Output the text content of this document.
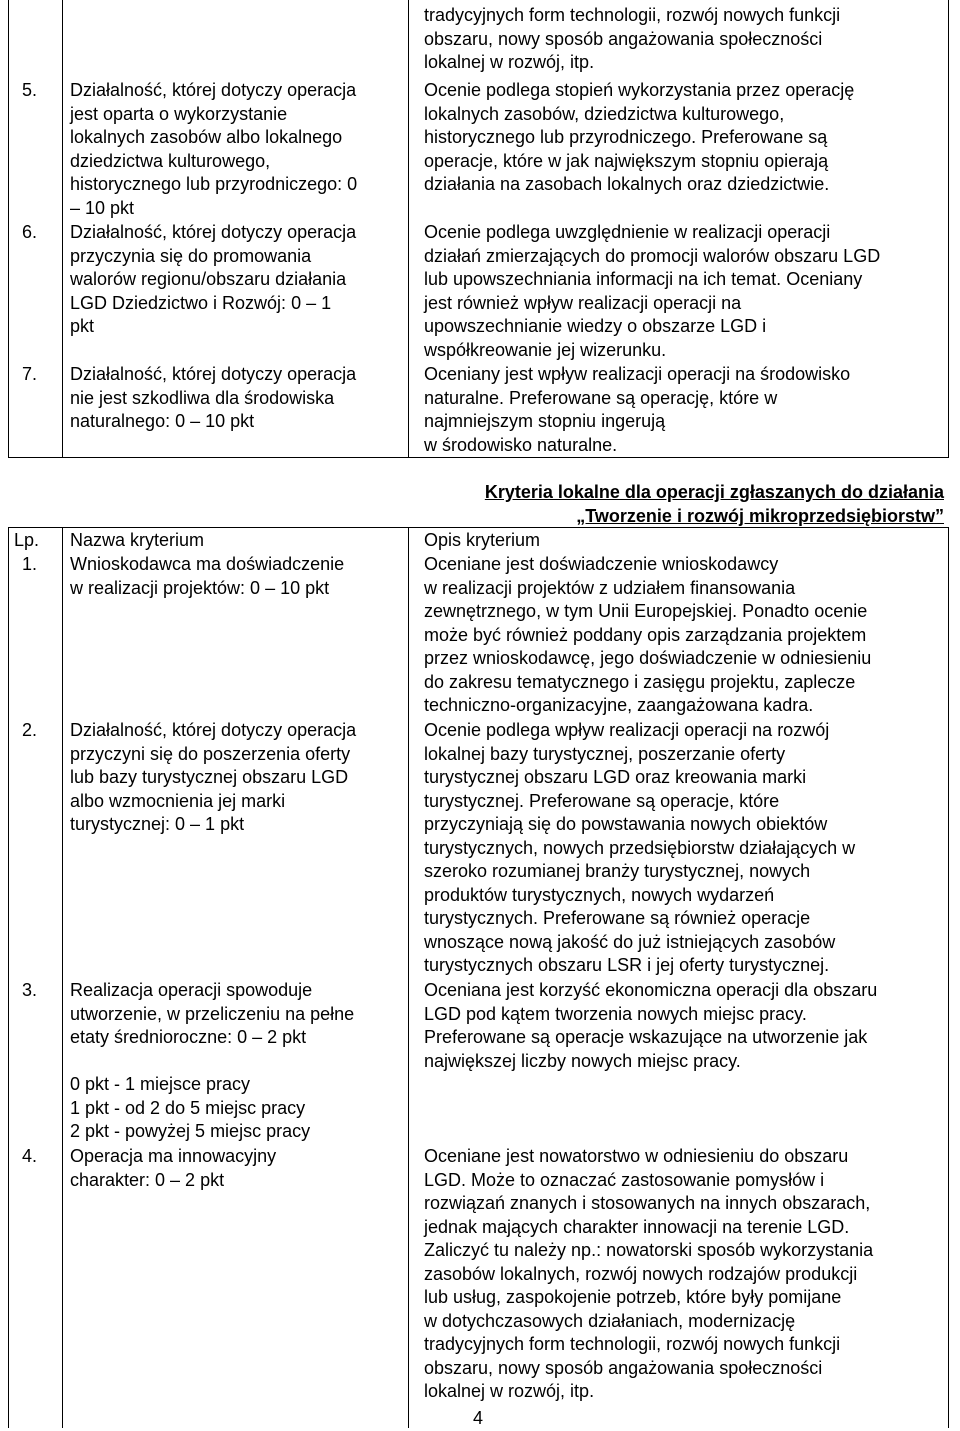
tradycyjnych form technologii, rozwój nowych funkcji
obszaru, nowy sposób angażowania społeczności
lokalnej w rozwój, itp.
5. Działalność, której dotyczy operacja
jest oparta o wykorzystanie
lokalnych zasobów albo lokalnego
dziedzictwa kulturowego,
historycznego lub przyrodniczego: 0
– 10 pkt
Ocenie podlega stopień wykorzystania przez operację
lokalnych zasobów, dziedzictwa kulturowego,
historycznego lub przyrodniczego. Preferowane są
operacje, które w jak największym stopniu opierają
działania na zasobach lokalnych oraz dziedzictwie.
6. Działalność, której dotyczy operacja
przyczynia się do promowania
walorów regionu/obszaru działania
LGD Dziedzictwo i Rozwój: 0 – 1
pkt
Ocenie podlega uwzględnienie w realizacji operacji
działań zmierzających do promocji walorów obszaru LGD
lub upowszechniania informacji na ich temat. Oceniany
jest również wpływ realizacji operacji na
upowszechnianie wiedzy o obszarze LGD i
współkreowanie jej wizerunku.
7. Działalność, której dotyczy operacja
nie jest szkodliwa dla środowiska
naturalnego: 0 – 10 pkt
Oceniany jest wpływ realizacji operacji na środowisko
naturalne. Preferowane są operację, które w
najmniejszym stopniu ingerują
w środowisko naturalne.
Kryteria lokalne dla operacji zgłaszanych do działania
„Tworzenie i rozwój mikroprzedsiębiorstw”
Lp. Nazwa kryterium	Opis kryterium
1. Wnioskodawca ma doświadczenie
w realizacji projektów: 0 – 10 pkt
Oceniane jest doświadczenie wnioskodawcy
w realizacji projektów z udziałem finansowania
zewnętrznego, w tym Unii Europejskiej. Ponadto ocenie
może być również poddany opis zarządzania projektem
przez wnioskodawcę, jego doświadczenie w odniesieniu
do zakresu tematycznego i zasięgu projektu, zaplecze
techniczno-organizacyjne, zaangażowana kadra.
2. Działalność, której dotyczy operacja
przyczyni się do poszerzenia oferty
lub bazy turystycznej obszaru LGD
albo wzmocnienia jej marki
turystycznej: 0 – 1 pkt
Ocenie podlega wpływ realizacji operacji na rozwój
lokalnej bazy turystycznej, poszerzanie oferty
turystycznej obszaru LGD oraz kreowania marki
turystycznej. Preferowane są operacje, które
przyczyniają się do powstawania nowych obiektów
turystycznych, nowych przedsiębiorstw działających w
szeroko rozumianej branży turystycznej, nowych
produktów turystycznych, nowych wydarzeń
turystycznych. Preferowane są również operacje
wnoszące nową jakość do już istniejących zasobów
turystycznych obszaru LSR i jej oferty turystycznej.
3. Realizacja operacji spowoduje
utworzenie, w przeliczeniu na pełne
etaty średnioroczne: 0 – 2 pkt

0 pkt - 1 miejsce pracy
1 pkt - od 2 do 5 miejsc pracy
2 pkt - powyżej 5 miejsc pracy
Oceniana jest korzyść ekonomiczna operacji dla obszaru
LGD pod kątem tworzenia nowych miejsc pracy.
Preferowane są operacje wskazujące na utworzenie jak
największej liczby nowych miejsc pracy.
4. Operacja ma innowacyjny
charakter: 0 – 2 pkt
Oceniane jest nowatorstwo w odniesieniu do obszaru
LGD. Może to oznaczać zastosowanie pomysłów i
rozwiązań znanych i stosowanych na innych obszarach,
jednak mających charakter innowacji na terenie LGD.
Zaliczyć tu należy np.: nowatorski sposób wykorzystania
zasobów lokalnych, rozwój nowych rodzajów produkcji
lub usług, zaspokojenie potrzeb, które były pomijane
w dotychczasowych działaniach, modernizację
tradycyjnych form technologii, rozwój nowych funkcji
obszaru, nowy sposób angażowania społeczności
lokalnej w rozwój, itp.
4
